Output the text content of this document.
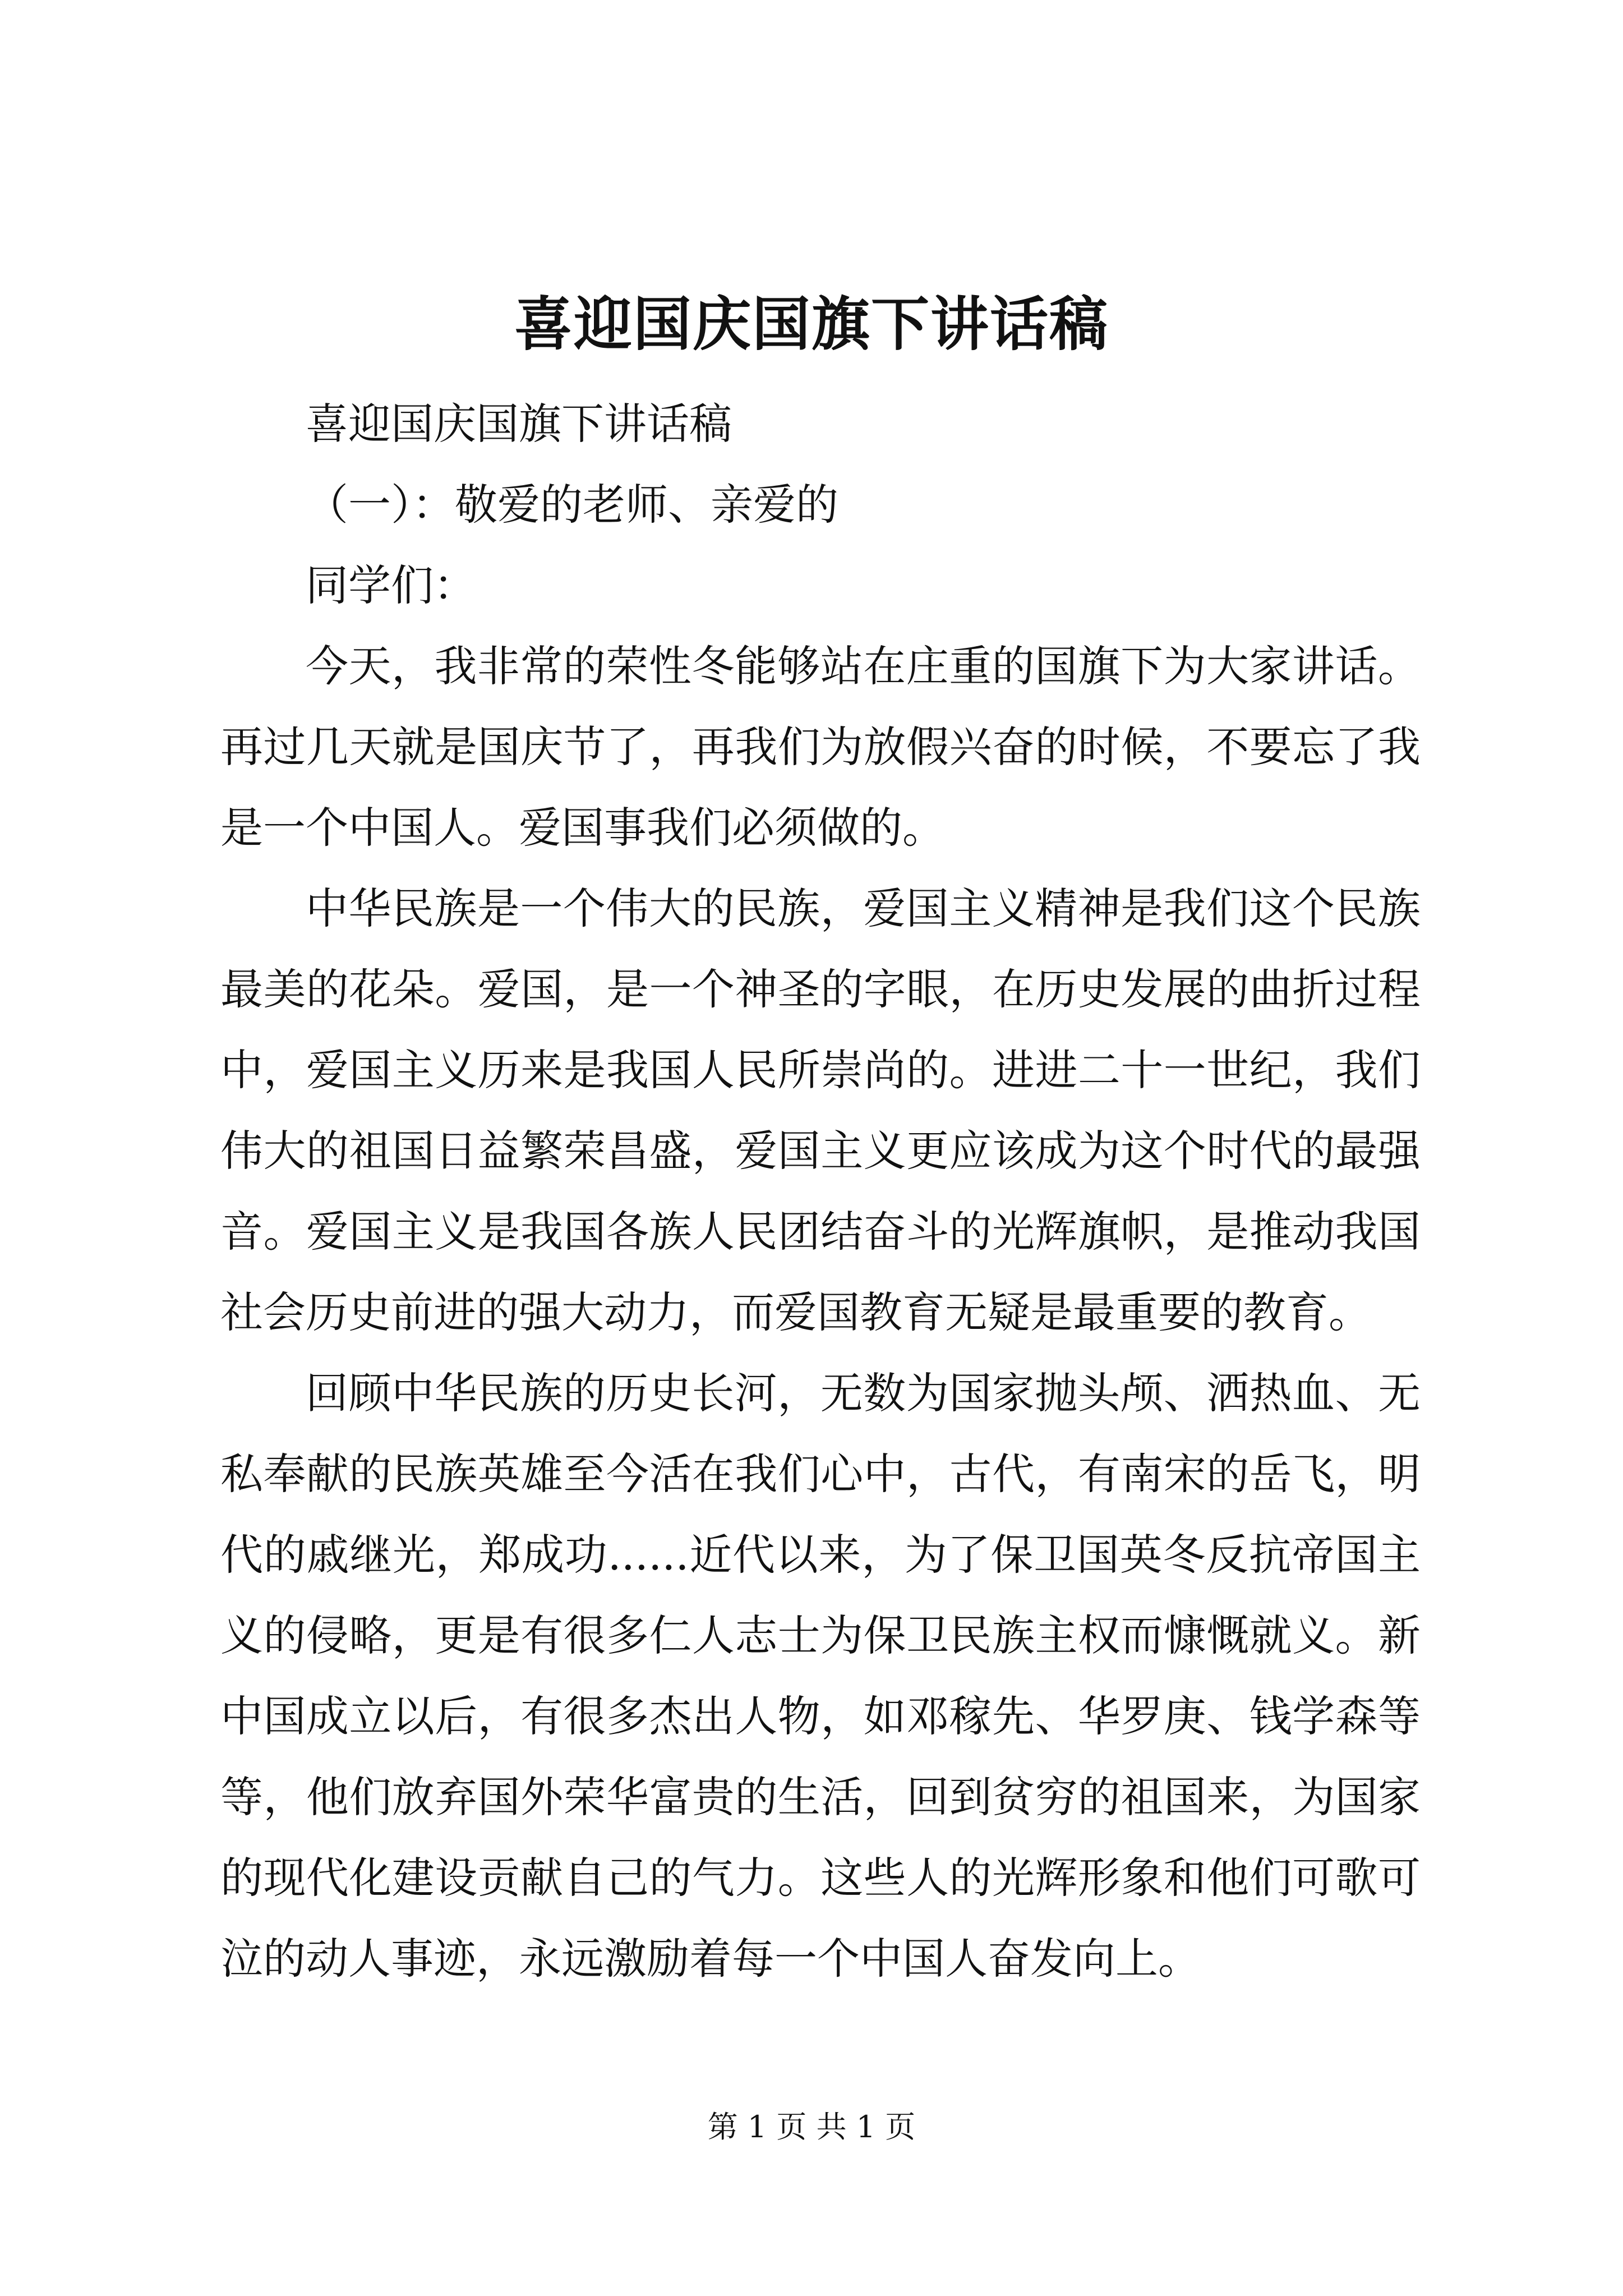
喜迎国庆国旗下讲话稿

喜迎国庆国旗下讲话稿

（一）：敬爱的老师、亲爱的

同学们：

今天，我非常的荣性冬能够站在庄重的国旗下为大家讲话。再过几天就是国庆节了，再我们为放假兴奋的时候，不要忘了我是一个中国人。爱国事我们必须做的。

中华民族是一个伟大的民族，爱国主义精神是我们这个民族最美的花朵。爱国，是一个神圣的字眼，在历史发展的曲折过程中，爱国主义历来是我国人民所崇尚的。进进二十一世纪，我们伟大的祖国日益繁荣昌盛，爱国主义更应该成为这个时代的最强音。爱国主义是我国各族人民团结奋斗的光辉旗帜，是推动我国社会历史前进的强大动力，而爱国教育无疑是最重要的教育。

回顾中华民族的历史长河，无数为国家抛头颅、洒热血、无私奉献的民族英雄至今活在我们心中，古代，有南宋的岳飞，明代的戚继光，郑成功......近代以来，为了保卫国英冬反抗帝国主义的侵略，更是有很多仁人志士为保卫民族主权而慷慨就义。新中国成立以后，有很多杰出人物，如邓稼先、华罗庚、钱学森等等，他们放弃国外荣华富贵的生活，回到贫穷的祖国来，为国家的现代化建设贡献自己的气力。这些人的光辉形象和他们可歌可泣的动人事迹，永远激励着每一个中国人奋发向上。

第 1 页 共 1 页
